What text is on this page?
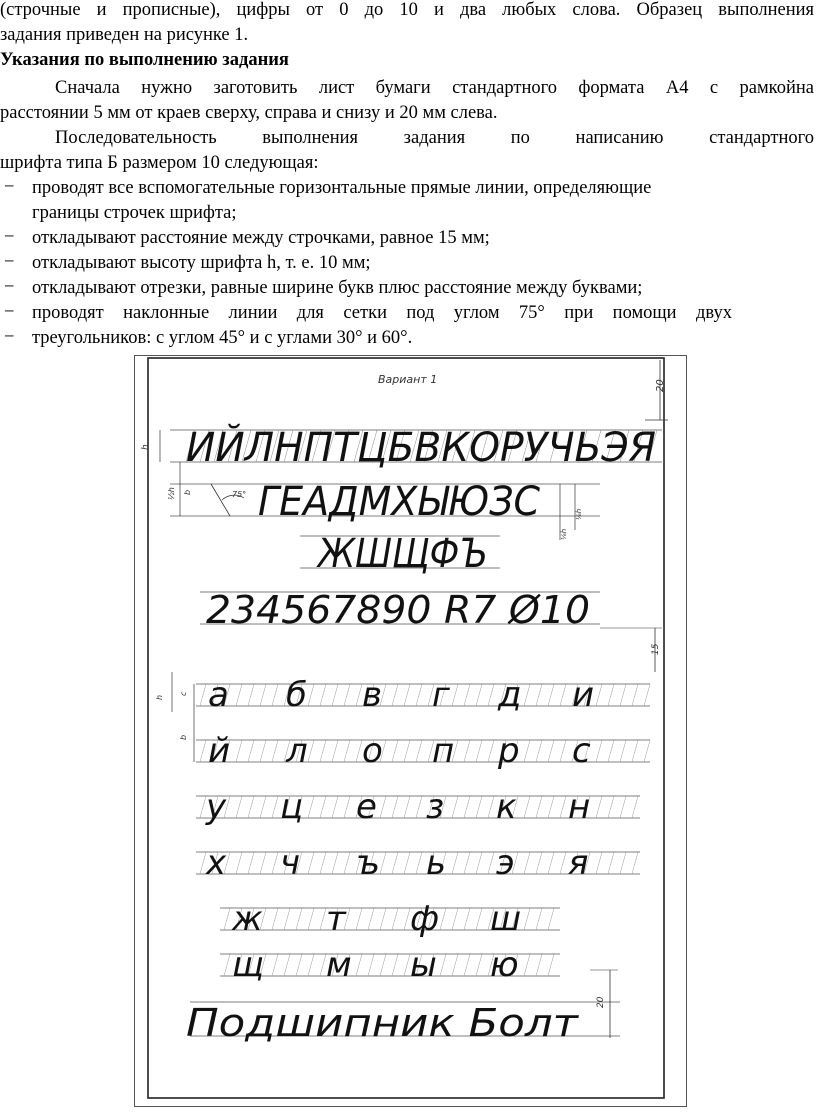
(строчные и прописные), цифры от 0 до 10 и два любых слова. Образец выполнения
задания приведен на рисунке 1.
Указания по выполнению задания
Сначала нужно заготовить лист бумаги стандартного формата А4 с рамкойна
расстоянии 5 мм от краев сверху, справа и снизу и 20 мм слева.
Последовательность выполнения задания по написанию стандартного
шрифта типа Б размером 10 следующая:
− проводят все вспомогательные горизонтальные прямые линии, определяющие
границы строчек шрифта;
− откладывают расстояние между строчками, равное 15 мм;
− откладывают высоту шрифта h, т. е. 10 мм;
− откладывают отрезки, равные ширине букв плюс расстояние между буквами;
− проводят наклонные линии для сетки под углом 75° при помощи двух
− треугольников: с углом 45° и с углами 30° и 60°.
Вариант 1	20
ИЙЛНПТЦБВКОРУЧЬЭЯ
h
ГЕАДМХЫЮЗС
½h b	75°
⅙h
⅙h
ЖШЩФЪ
234567890 R7 Ø10
15
а б в г д и
й л о п р с
у ц е з к н
х ч ъ ь э я
ж т ф ш
щ м ы ю
h
c
b
Подшипник Болт 20
